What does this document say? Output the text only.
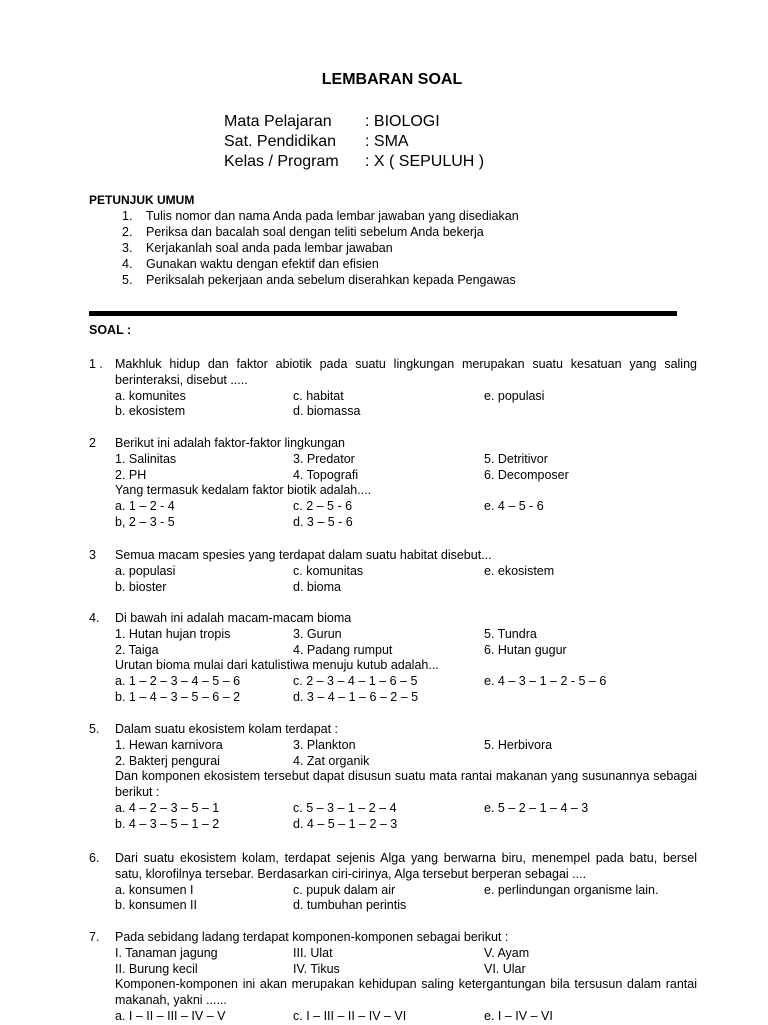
LEMBARAN SOAL
Mata Pelajaran	: BIOLOGI
Sat. Pendidikan	: SMA
Kelas / Program	: X ( SEPULUH )
PETUNJUK UMUM
1.	Tulis nomor dan nama Anda pada lembar jawaban yang disediakan
2.	Periksa dan bacalah soal dengan teliti sebelum Anda bekerja
3.	Kerjakanlah soal anda pada lembar jawaban
4.	Gunakan waktu dengan efektif dan efisien
5.	Periksalah pekerjaan anda sebelum diserahkan kepada Pengawas
SOAL :
1 . Makhluk hidup dan faktor abiotik pada suatu lingkungan merupakan suatu kesatuan yang saling berinteraksi, disebut .....
a. komunites	c. habitat	e. populasi
b. ekosistem	d. biomassa
2 Berikut ini adalah faktor-faktor lingkungan
1. Salinitas	3. Predator	5. Detritivor
2. PH	4. Topografi	6. Decomposer
Yang termasuk kedalam faktor biotik adalah....
a. 1 – 2 - 4	c. 2 – 5 - 6	e. 4 – 5 - 6
b, 2 – 3 - 5	d. 3 – 5 - 6
3 Semua macam spesies yang terdapat dalam suatu habitat disebut...
a. populasi	c. komunitas	e. ekosistem
b. bioster	d. bioma
4. Di bawah ini adalah macam-macam bioma
1. Hutan hujan tropis	3. Gurun	5. Tundra
2. Taiga	4. Padang rumput	6. Hutan gugur
Urutan bioma mulai dari katulistiwa menuju kutub adalah...
a. 1 – 2 – 3 – 4 – 5 – 6	c. 2 – 3 – 4 – 1 – 6 – 5	e. 4 – 3 – 1 – 2 - 5 – 6
b. 1 – 4 – 3 – 5 – 6 – 2	d. 3 – 4 – 1 – 6 – 2 – 5
5. Dalam suatu ekosistem kolam terdapat :
1. Hewan karnivora	3. Plankton	5. Herbivora
2. Bakterj pengurai	4. Zat organik
Dan komponen ekosistem tersebut dapat disusun suatu mata rantai makanan yang susunannya sebagai berikut :
a. 4 – 2 – 3 – 5 – 1	c. 5 – 3 – 1 – 2 – 4	e. 5 – 2 – 1 – 4 – 3
b. 4 – 3 – 5 – 1 – 2	d. 4 – 5 – 1 – 2 – 3
6. Dari suatu ekosistem kolam, terdapat sejenis Alga yang berwarna biru, menempel pada batu, bersel satu, klorofilnya tersebar. Berdasarkan ciri-cirinya, Alga tersebut berperan sebagai ....
a. konsumen I	c. pupuk dalam air	e. perlindungan organisme lain.
b. konsumen II	d. tumbuhan perintis
7. Pada sebidang ladang terdapat komponen-komponen sebagai berikut :
I. Tanaman jagung	III. Ulat	V. Ayam
II. Burung kecil	IV. Tikus	VI. Ular
Komponen-komponen ini akan merupakan kehidupan saling ketergantungan bila tersusun dalam rantai makanah, yakni ......
a. I – II – III – IV – V	c. I – III – II – IV – VI	e. I – IV – VI
